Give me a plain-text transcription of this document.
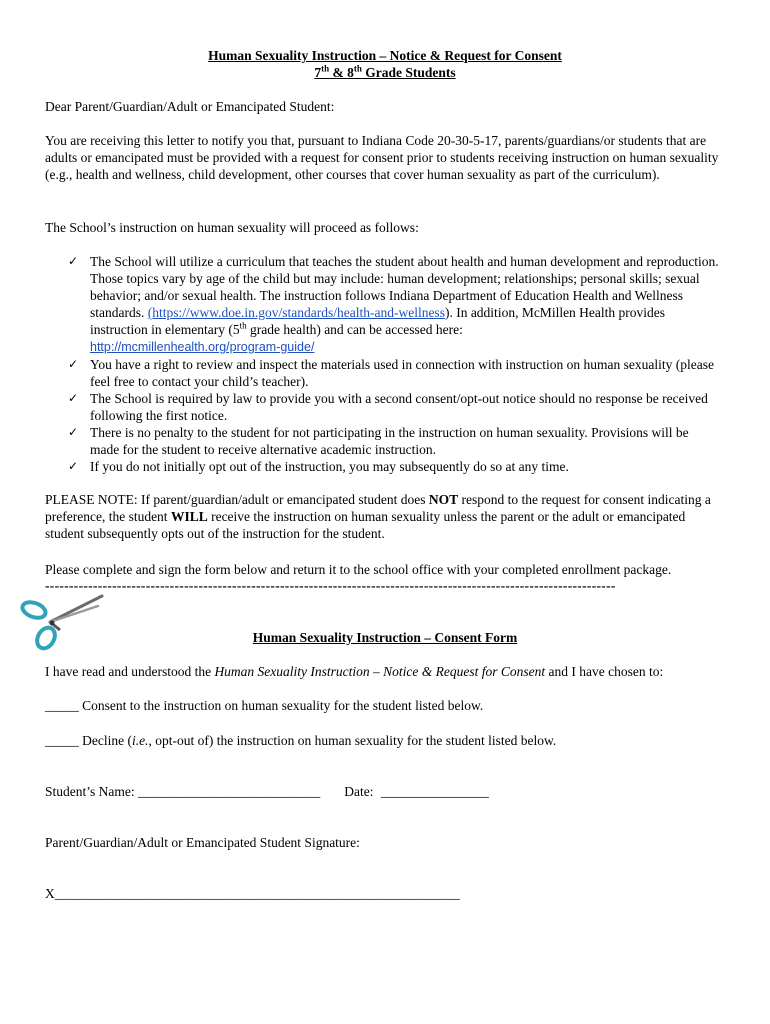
Human Sexuality Instruction – Notice & Request for Consent
7th & 8th Grade Students
Dear Parent/Guardian/Adult or Emancipated Student:
You are receiving this letter to notify you that, pursuant to Indiana Code 20-30-5-17, parents/guardians/or students that are adults or emancipated must be provided with a request for consent prior to students receiving instruction on human sexuality (e.g., health and wellness, child development, other courses that cover human sexuality as part of the curriculum).
The School’s instruction on human sexuality will proceed as follows:
✓ The School will utilize a curriculum that teaches the student about health and human development and reproduction. Those topics vary by age of the child but may include: human development; relationships; personal skills; sexual behavior; and/or sexual health. The instruction follows Indiana Department of Education Health and Wellness standards. (https://www.doe.in.gov/standards/health-and-wellness). In addition, McMillen Health provides instruction in elementary (5th grade health) and can be accessed here:
http://mcmillenhealth.org/program-guide/
✓ You have a right to review and inspect the materials used in connection with instruction on human sexuality (please feel free to contact your child’s teacher).
✓ The School is required by law to provide you with a second consent/opt-out notice should no response be received following the first notice.
✓ There is no penalty to the student for not participating in the instruction on human sexuality. Provisions will be made for the student to receive alternative academic instruction.
✓ If you do not initially opt out of the instruction, you may subsequently do so at any time.
PLEASE NOTE: If parent/guardian/adult or emancipated student does NOT respond to the request for consent indicating a preference, the student WILL receive the instruction on human sexuality unless the parent or the adult or emancipated student subsequently opts out of the instruction for the student.
Please complete and sign the form below and return it to the school office with your completed enrollment package.
-----------------------------------------------------------------------------------------------------------------------
Human Sexuality Instruction – Consent Form
I have read and understood the Human Sexuality Instruction – Notice & Request for Consent and I have chosen to:
_____ Consent to the instruction on human sexuality for the student listed below.
_____ Decline (i.e., opt-out of) the instruction on human sexuality for the student listed below.
Student’s Name: ___________________________ Date: ________________
Parent/Guardian/Adult or Emancipated Student Signature:
X____________________________________________________________
